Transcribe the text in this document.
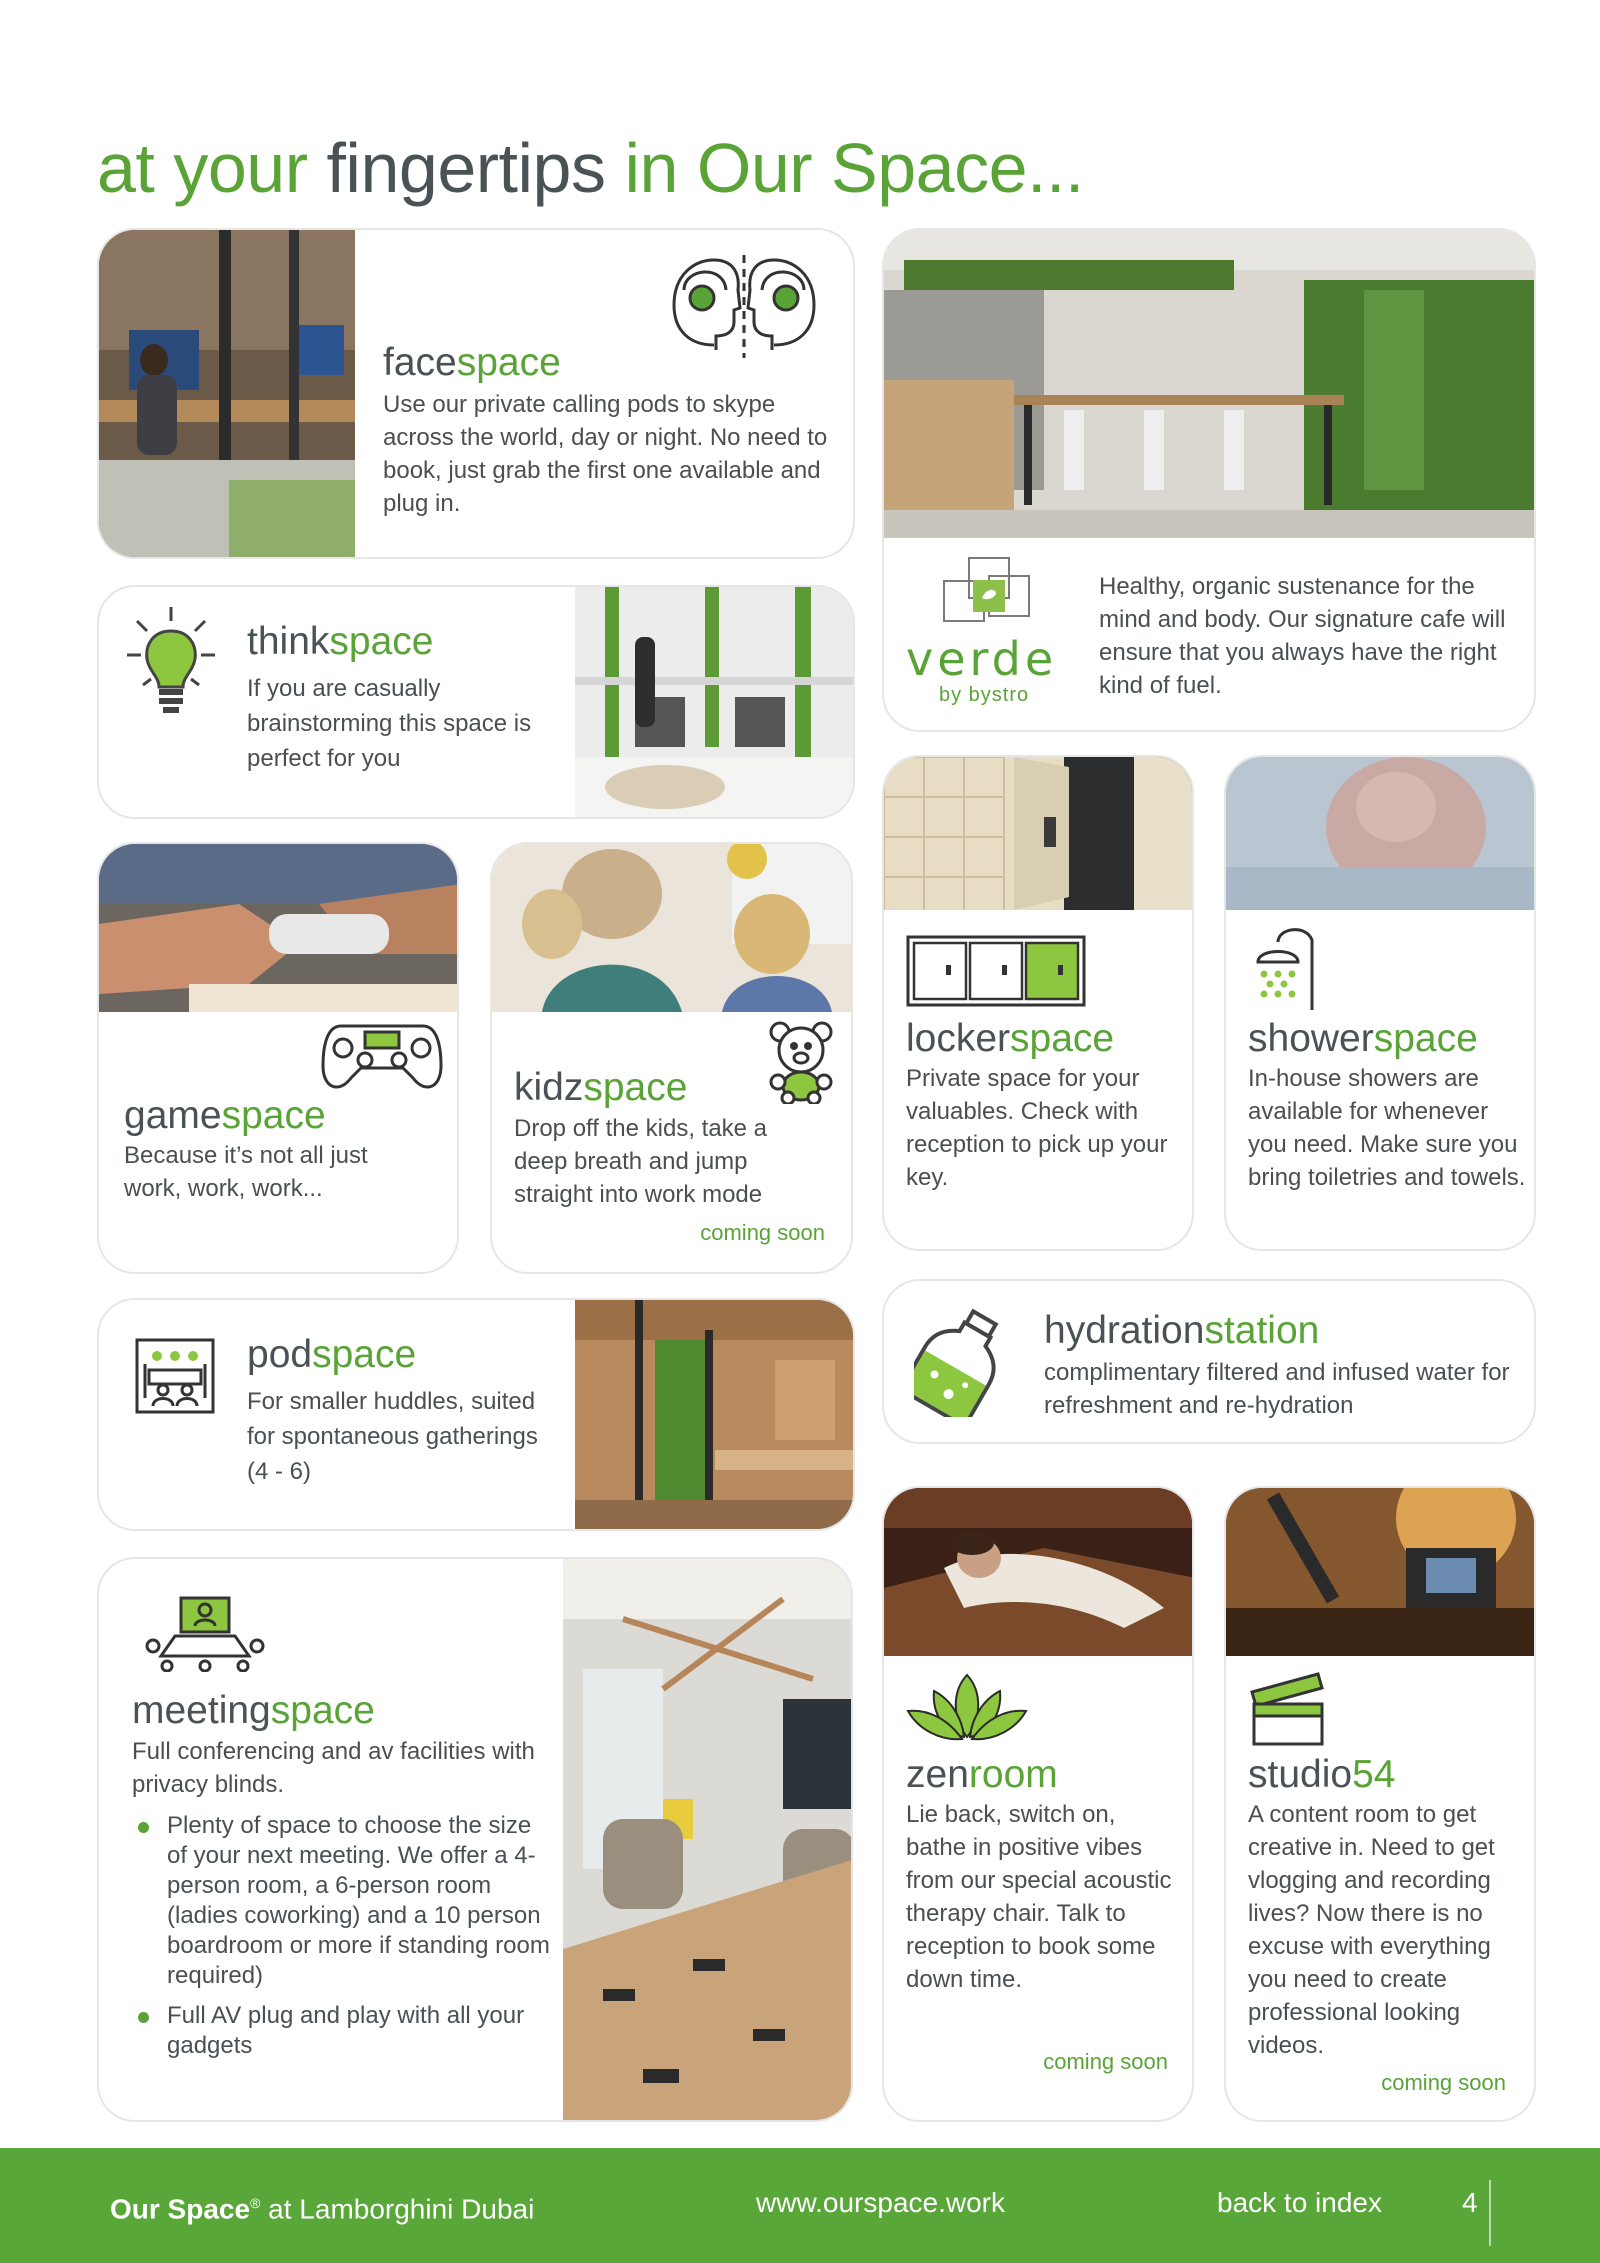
at your fingertips in Our Space...
facespace
Use our private calling pods to skype across the world, day or night. No need to book, just grab the first one available and plug in.
verde
by bystro
Healthy, organic sustenance for the mind and body. Our signature cafe will ensure that you always have the right kind of fuel.
thinkspace
If you are casually brainstorming this space is perfect for you
lockerspace
Private space for your valuables. Check with reception to pick up your key.
showerspace
In-house showers are available for whenever you need. Make sure you bring toiletries and towels.
gamespace
Because it’s not all just work, work, work...
kidzspace
Drop off the kids, take a deep breath and jump straight into work mode
coming soon
hydrationstation
complimentary filtered and infused water for refreshment and re-hydration
podspace
For smaller huddles, suited for spontaneous gatherings (4 - 6)
meetingspace
Full conferencing and av facilities with privacy blinds.
Plenty of space to choose the size of your next meeting. We offer a 4-person room, a 6-person room (ladies coworking) and a 10 person boardroom or more if standing room required)
Full AV plug and play with all your gadgets
zenroom
Lie back, switch on, bathe in positive vibes from our special acoustic therapy chair. Talk to reception to book some down time.
coming soon
studio54
A content room to get creative in. Need to get vlogging and recording lives? Now there is no excuse with everything you need to create professional looking videos.
coming soon
Our Space® at Lamborghini Dubai	www.ourspace.work	back to index	4
